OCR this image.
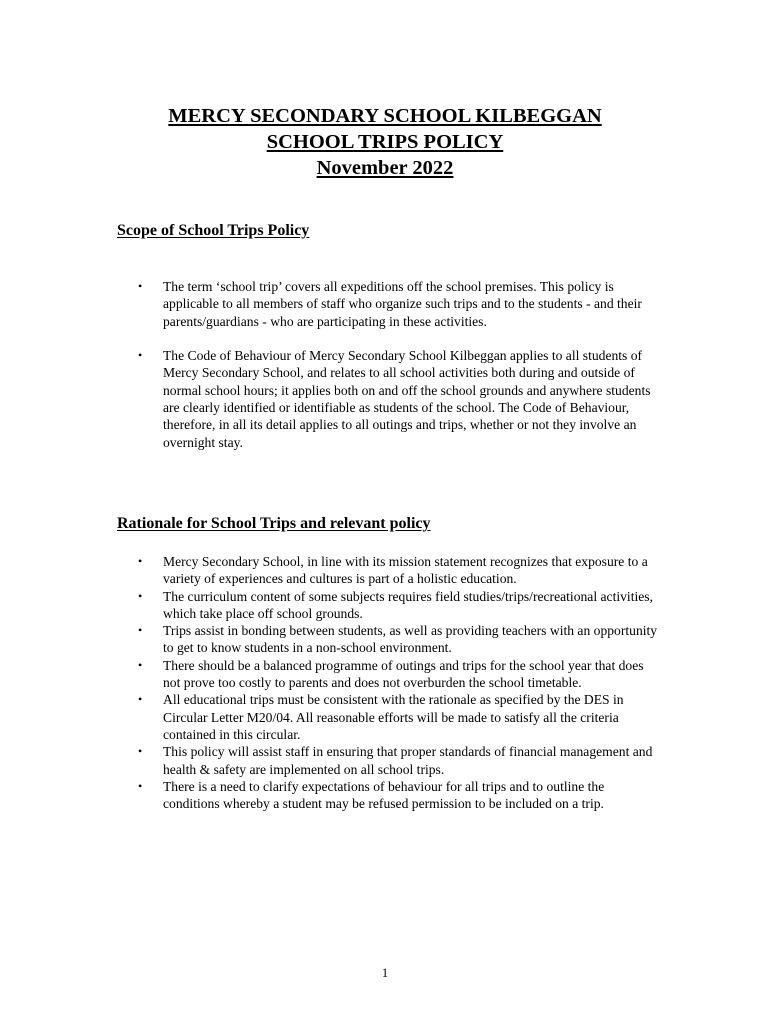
MERCY SECONDARY SCHOOL KILBEGGAN

SCHOOL TRIPS POLICY

November 2022

Scope of School Trips Policy
• The term ‘school trip’ covers all expeditions off the school premises. This policy is applicable to all members of staff who organize such trips and to the students - and their parents/guardians - who are participating in these activities.
• The Code of Behaviour of Mercy Secondary School Kilbeggan applies to all students of Mercy Secondary School, and relates to all school activities both during and outside of normal school hours; it applies both on and off the school grounds and anywhere students are clearly identified or identifiable as students of the school. The Code of Behaviour, therefore, in all its detail applies to all outings and trips, whether or not they involve an overnight stay.
Rationale for School Trips and relevant policy
• Mercy Secondary School, in line with its mission statement recognizes that exposure to a variety of experiences and cultures is part of a holistic education.
• The curriculum content of some subjects requires field studies/trips/recreational activities, which take place off school grounds.
• Trips assist in bonding between students, as well as providing teachers with an opportunity to get to know students in a non-school environment.
• There should be a balanced programme of outings and trips for the school year that does not prove too costly to parents and does not overburden the school timetable.
• All educational trips must be consistent with the rationale as specified by the DES in Circular Letter M20/04. All reasonable efforts will be made to satisfy all the criteria contained in this circular.
• This policy will assist staff in ensuring that proper standards of financial management and health & safety are implemented on all school trips.
• There is a need to clarify expectations of behaviour for all trips and to outline the conditions whereby a student may be refused permission to be included on a trip.
1
